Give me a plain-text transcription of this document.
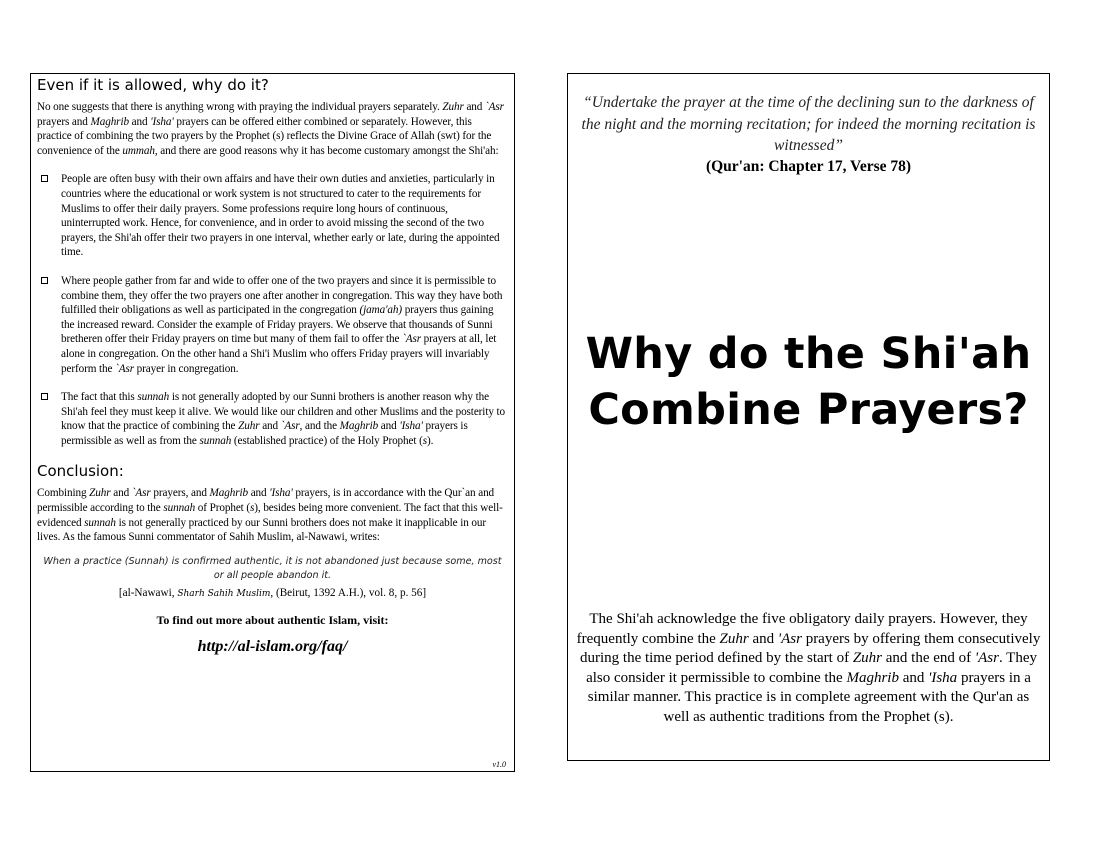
Even if it is allowed, why do it?

No one suggests that there is anything wrong with praying the individual prayers separately. Zuhr and `Asr prayers and Maghrib and 'Isha' prayers can be offered either combined or separately. However, this practice of combining the two prayers by the Prophet (s) reflects the Divine Grace of Allah (swt) for the convenience of the ummah, and there are good reasons why it has become customary amongst the Shi'ah:

People are often busy with their own affairs and have their own duties and anxieties, particularly in countries where the educational or work system is not structured to cater to the requirements for Muslims to offer their daily prayers. Some professions require long hours of continuous, uninterrupted work. Hence, for convenience, and in order to avoid missing the second of the two prayers, the Shi'ah offer their two prayers in one interval, whether early or late, during the appointed time.
Where people gather from far and wide to offer one of the two prayers and since it is permissible to combine them, they offer the two prayers one after another in congregation. This way they have both fulfilled their obligations as well as participated in the congregation (jama'ah) prayers thus gaining the increased reward. Consider the example of Friday prayers. We observe that thousands of Sunni bretheren offer their Friday prayers on time but many of them fail to offer the `Asr prayers at all, let alone in congregation. On the other hand a Shi'i Muslim who offers Friday prayers will invariably perform the `Asr prayer in congregation.
The fact that this sunnah is not generally adopted by our Sunni brothers is another reason why the Shi'ah feel they must keep it alive. We would like our children and other Muslims and the posterity to know that the practice of combining the Zuhr and `Asr, and the Maghrib and 'Isha' prayers is permissible as well as from the sunnah (established practice) of the Holy Prophet (s).
Conclusion:

Combining Zuhr and `Asr prayers, and Maghrib and 'Isha' prayers, is in accordance with the Qur`an and permissible according to the sunnah of Prophet (s), besides being more convenient. The fact that this well-evidenced sunnah is not generally practiced by our Sunni brothers does not make it inapplicable in our lives. As the famous Sunni commentator of Sahih Muslim, al-Nawawi, writes:

When a practice (Sunnah) is confirmed authentic, it is not abandoned just because some, most or all people abandon it.
[al-Nawawi, Sharh Sahih Muslim, (Beirut, 1392 A.H.), vol. 8, p. 56]
To find out more about authentic Islam, visit:
http://al-islam.org/faq/
v1.0
“Undertake the prayer at the time of the declining sun to the darkness of the night and the morning recitation; for indeed the morning recitation is witnessed”
(Qur'an: Chapter 17, Verse 78)
Why do the Shi'ah
Combine Prayers?
The Shi'ah acknowledge the five obligatory daily prayers. However, they frequently combine the Zuhr and 'Asr prayers by offering them consecutively during the time period defined by the start of Zuhr and the end of 'Asr. They also consider it permissible to combine the Maghrib and 'Isha prayers in a similar manner. This practice is in complete agreement with the Qur'an as well as authentic traditions from the Prophet (s).
